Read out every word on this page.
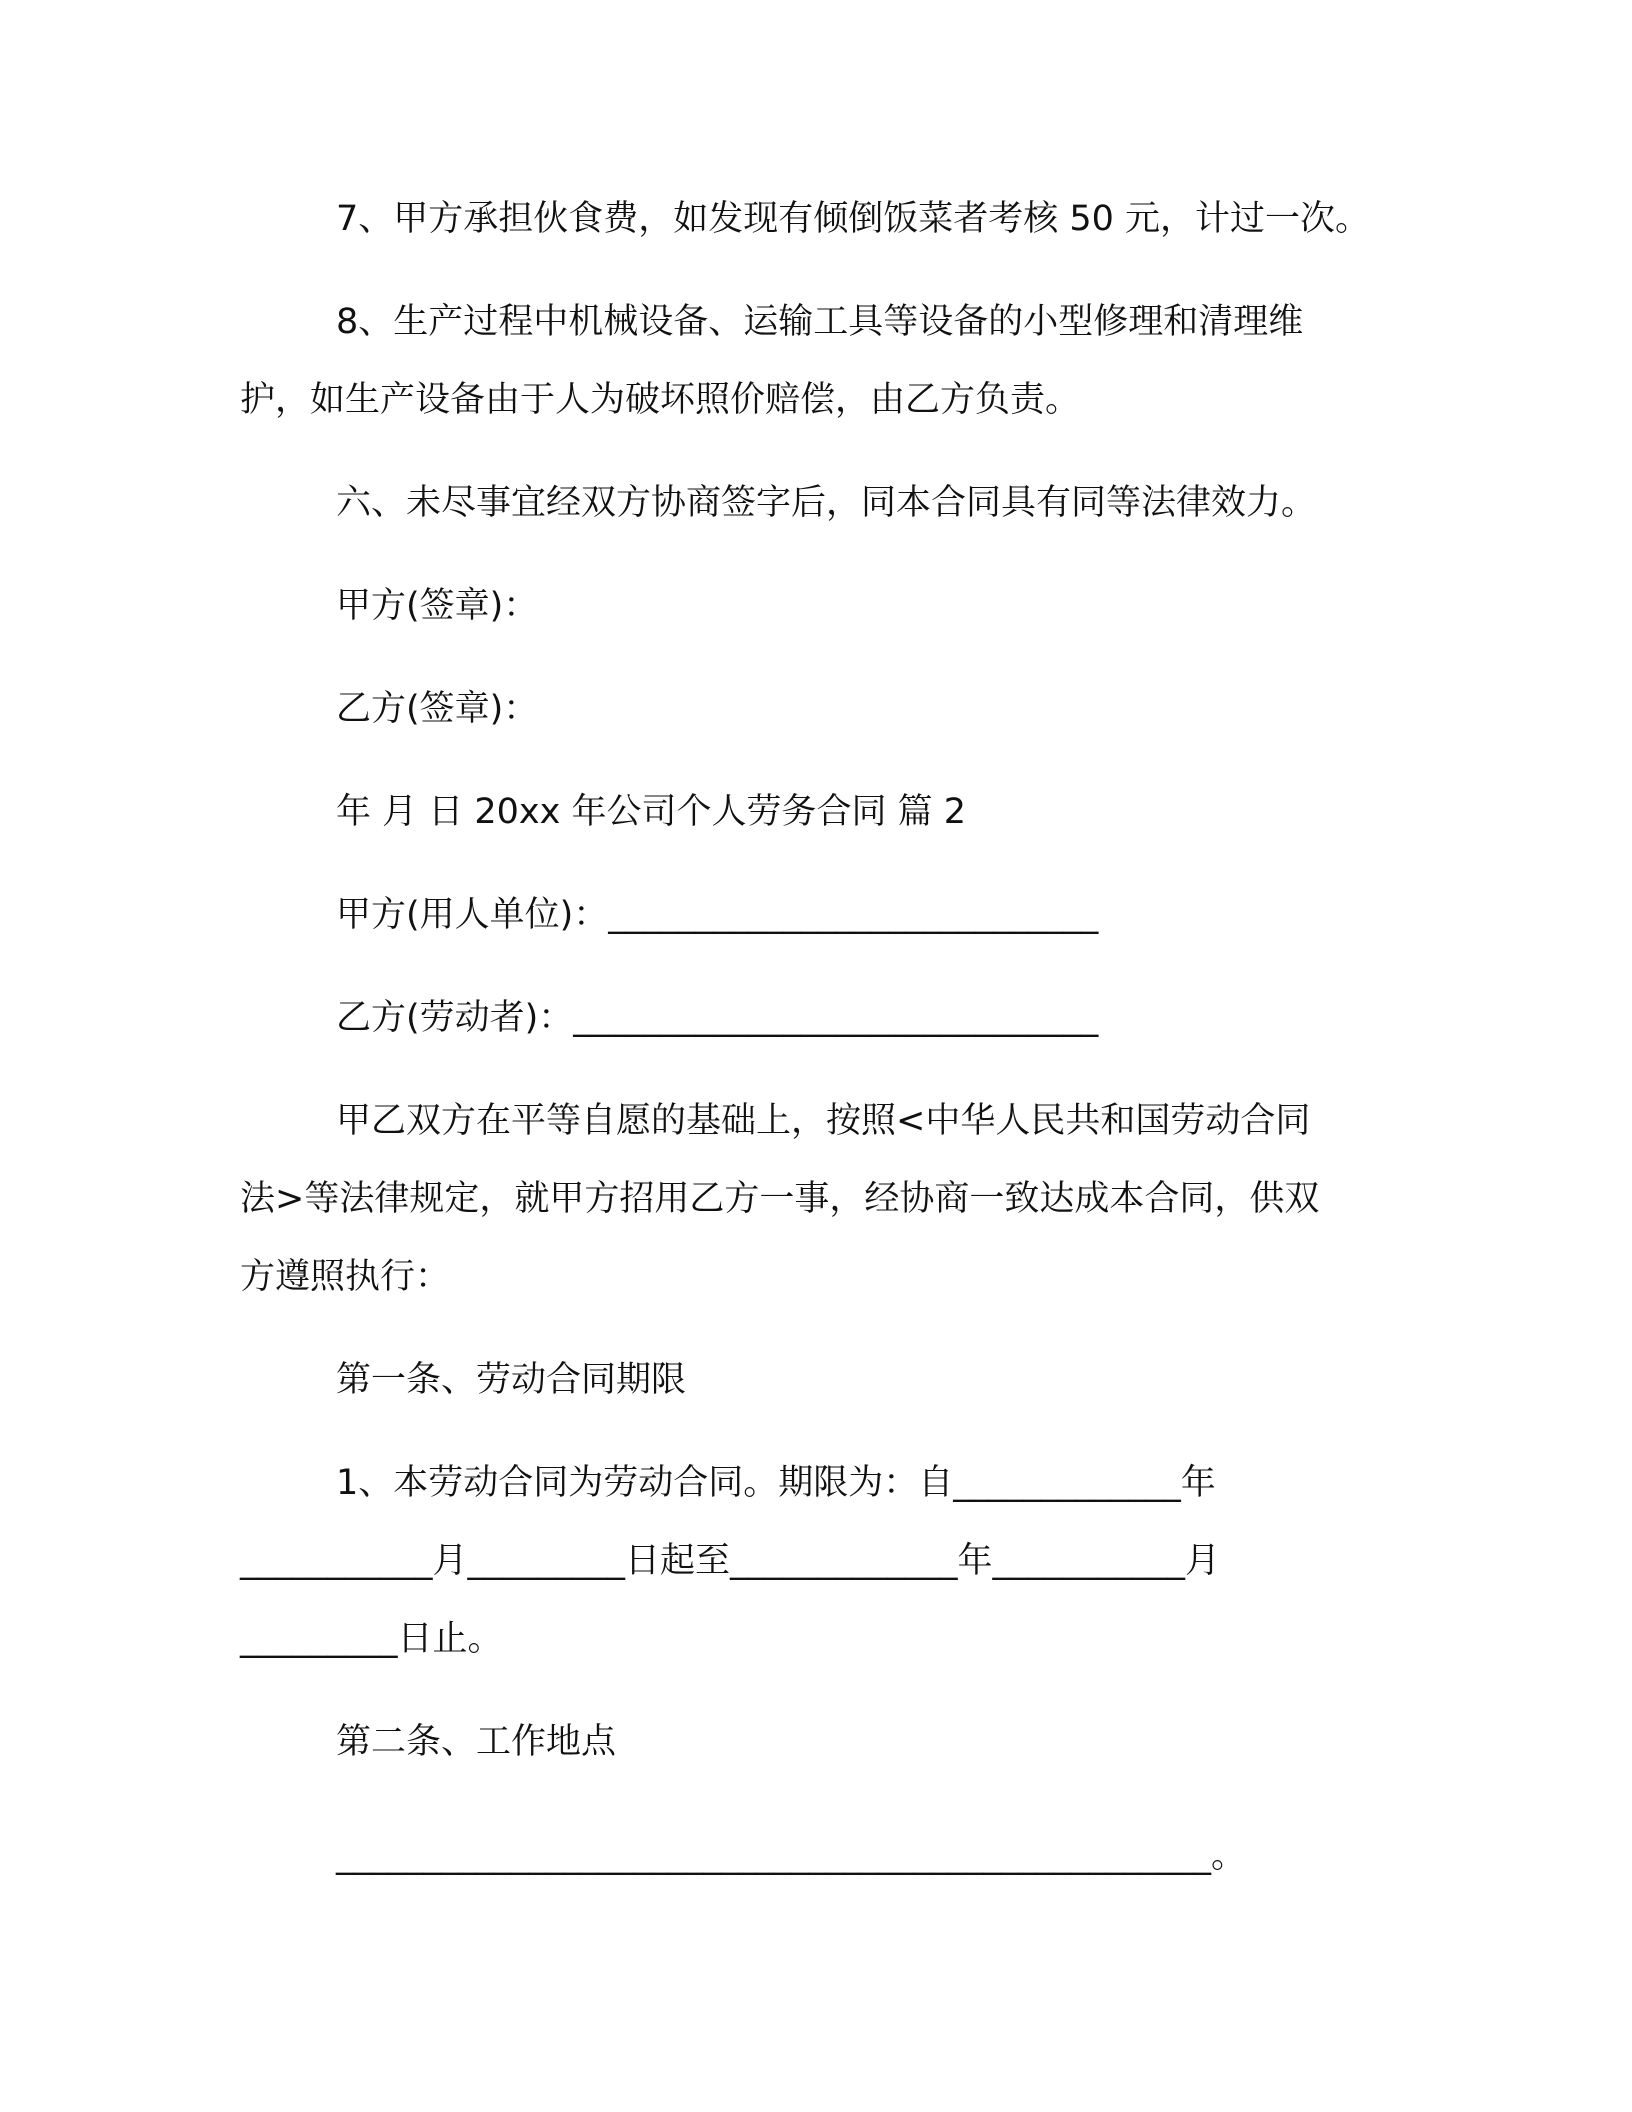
7、甲方承担伙食费，如发现有倾倒饭菜者考核 50 元，计过一次。

8、生产过程中机械设备、运输工具等设备的小型修理和清理维
护，如生产设备由于人为破坏照价赔偿，由乙方负责。

六、未尽事宜经双方协商签字后，同本合同具有同等法律效力。

甲方(签章)：

乙方(签章)：

年 月 日 20xx 年公司个人劳务合同 篇 2

甲方(用人单位)：____________________________

乙方(劳动者)：______________________________

甲乙双方在平等自愿的基础上，按照<中华人民共和国劳动合同
法>等法律规定，就甲方招用乙方一事，经协商一致达成本合同，供双
方遵照执行：

第一条、劳动合同期限

1、本劳动合同为劳动合同。期限为：自_____________年
___________月_________日起至_____________年___________月
_________日止。

第二条、工作地点

__________________________________________________。
